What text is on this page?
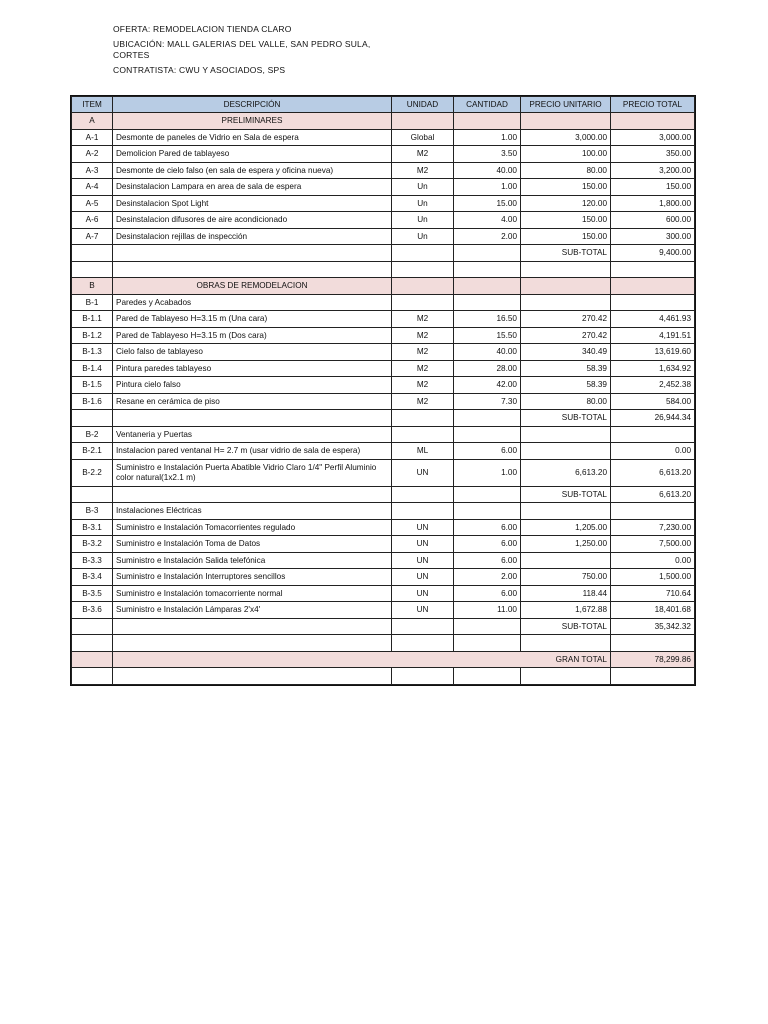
OFERTA: REMODELACION TIENDA CLARO
UBICACIÓN: MALL GALERIAS DEL VALLE, SAN PEDRO SULA, CORTES
CONTRATISTA: CWU Y ASOCIADOS, SPS
ITEM	DESCRIPCIÓN	UNIDAD	CANTIDAD	PRECIO UNITARIO	PRECIO TOTAL
A	PRELIMINARES				
A-1	Desmonte de paneles de Vidrio en Sala de espera	Global	1.00	3,000.00	3,000.00
A-2	Demolicion Pared de tablayeso	M2	3.50	100.00	350.00
A-3	Desmonte de cielo falso (en sala de espera y oficina nueva)	M2	40.00	80.00	3,200.00
A-4	Desinstalacion Lampara en area de sala de espera	Un	1.00	150.00	150.00
A-5	Desinstalacion Spot Light	Un	15.00	120.00	1,800.00
A-6	Desinstalacion difusores de aire acondicionado	Un	4.00	150.00	600.00
A-7	Desinstalacion rejillas de inspección	Un	2.00	150.00	300.00
				SUB-TOTAL	9,400.00

B	OBRAS DE REMODELACION				
B-1	Paredes y Acabados				
B-1.1	Pared de Tablayeso H=3.15 m (Una cara)	M2	16.50	270.42	4,461.93
B-1.2	Pared de Tablayeso H=3.15 m (Dos cara)	M2	15.50	270.42	4,191.51
B-1.3	Cielo falso de tablayeso	M2	40.00	340.49	13,619.60
B-1.4	Pintura paredes tablayeso	M2	28.00	58.39	1,634.92
B-1.5	Pintura cielo falso	M2	42.00	58.39	2,452.38
B-1.6	Resane en cerámica de piso	M2	7.30	80.00	584.00
				SUB-TOTAL	26,944.34
B-2	Ventaneria y Puertas				
B-2.1	Instalacion pared ventanal H= 2.7 m (usar vidrio de sala de espera)	ML	6.00		0.00
B-2.2	Suministro e Instalación Puerta Abatible Vidrio Claro 1/4" Perfil Aluminio color natural(1x2.1 m)	UN	1.00	6,613.20	6,613.20
				SUB-TOTAL	6,613.20
B-3	Instalaciones Eléctricas				
B-3.1	Suministro e Instalación Tomacorrientes regulado	UN	6.00	1,205.00	7,230.00
B-3.2	Suministro e Instalación Toma de Datos	UN	6.00	1,250.00	7,500.00
B-3.3	Suministro e Instalación Salida telefónica	UN	6.00		0.00
B-3.4	Suministro e Instalación Interruptores sencillos	UN	2.00	750.00	1,500.00
B-3.5	Suministro e Instalación tomacorriente normal	UN	6.00	118.44	710.64
B-3.6	Suministro e Instalación Lámparas 2'x4'	UN	11.00	1,672.88	18,401.68
				SUB-TOTAL	35,342.32

	GRAN TOTAL				78,299.86
